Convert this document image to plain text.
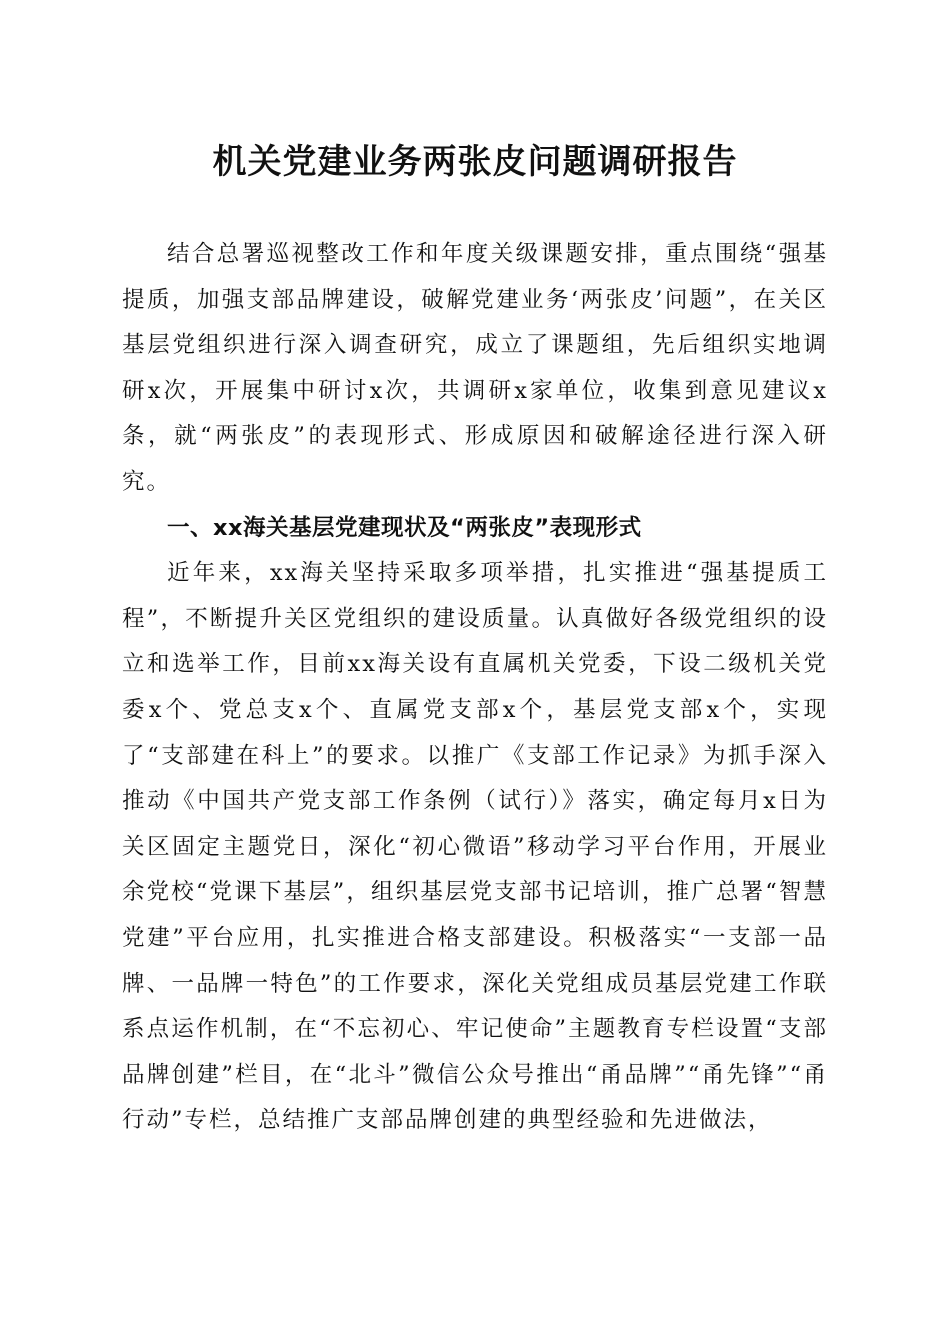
机关党建业务两张皮问题调研报告

结合总署巡视整改工作和年度关级课题安排，重点围绕“强基提质，加强支部品牌建设，破解党建业务‘两张皮’问题”，在关区基层党组织进行深入调查研究，成立了课题组，先后组织实地调研x次，开展集中研讨x次，共调研x家单位，收集到意见建议x条，就“两张皮”的表现形式、形成原因和破解途径进行深入研究。

一、xx海关基层党建现状及“两张皮”表现形式

近年来，xx海关坚持采取多项举措，扎实推进“强基提质工程”，不断提升关区党组织的建设质量。认真做好各级党组织的设立和选举工作，目前xx海关设有直属机关党委，下设二级机关党委x个、党总支x个、直属党支部x个，基层党支部x个，实现了“支部建在科上”的要求。以推广《支部工作记录》为抓手深入推动《中国共产党支部工作条例（试行）》落实，确定每月x日为关区固定主题党日，深化“初心微语”移动学习平台作用，开展业余党校“党课下基层”，组织基层党支部书记培训，推广总署“智慧党建”平台应用，扎实推进合格支部建设。积极落实“一支部一品牌、一品牌一特色”的工作要求，深化关党组成员基层党建工作联系点运作机制，在“不忘初心、牢记使命”主题教育专栏设置“支部品牌创建”栏目，在“北斗”微信公众号推出“甬品牌”“甬先锋”“甬行动”专栏，总结推广支部品牌创建的典型经验和先进做法，
